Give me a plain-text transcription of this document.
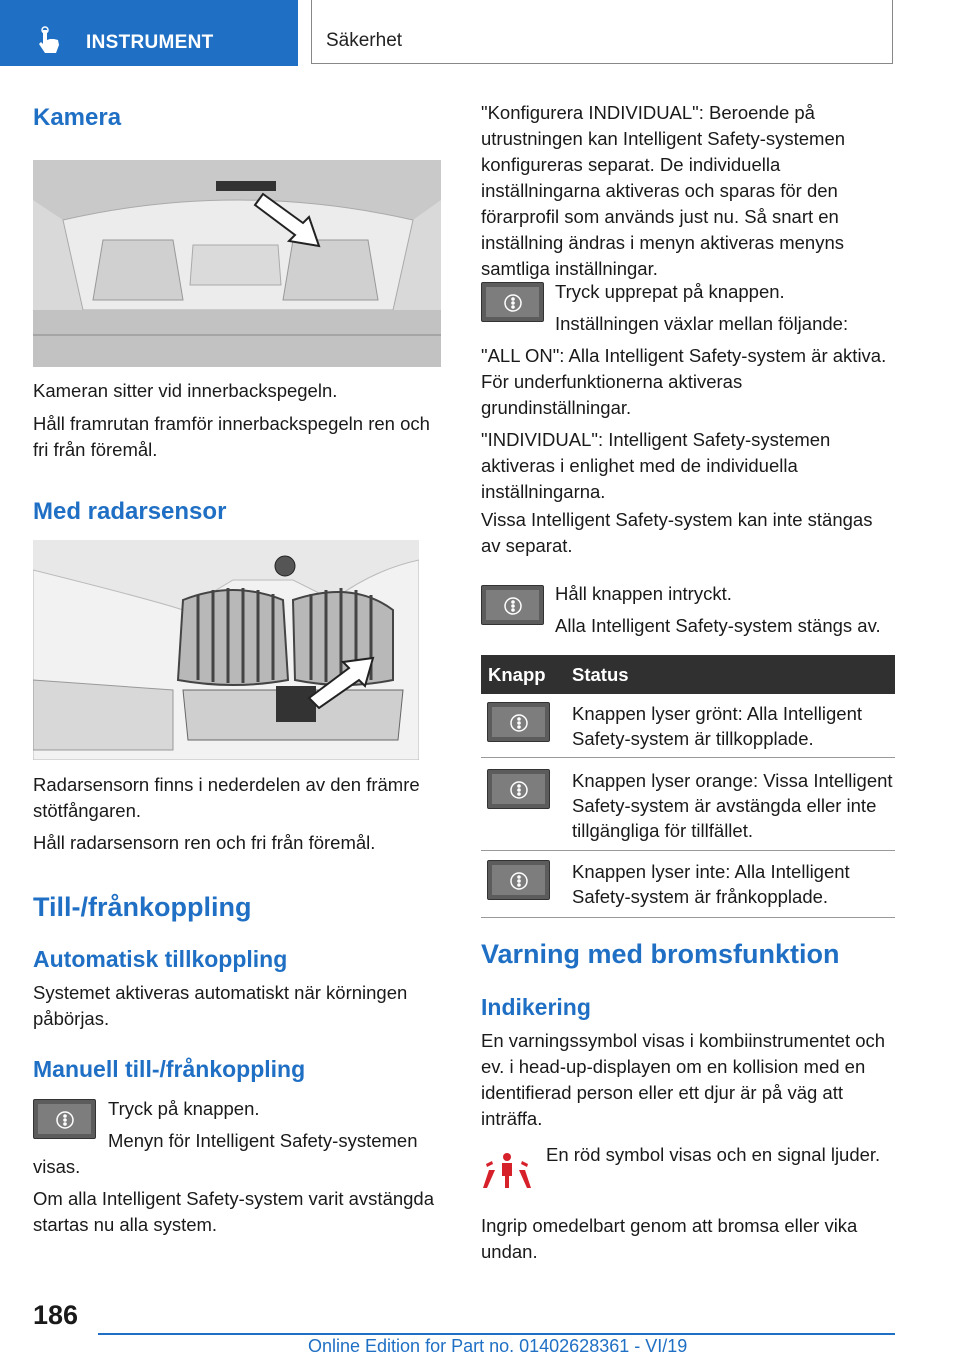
INSTRUMENT	Säkerhet
Kamera
Kameran sitter vid innerbackspegeln.
Håll framrutan framför innerbackspegeln ren och fri från föremål.
Med radarsensor
Radarsensorn finns i nederdelen av den främre stötfångaren.
Håll radarsensorn ren och fri från föremål.
Till-/frånkoppling
Automatisk tillkoppling
Systemet aktiveras automatiskt när körningen påbörjas.
Manuell till-/frånkoppling
Tryck på knappen.
Menyn för Intelligent Safety-systemen visas.
Om alla Intelligent Safety-system varit avstängda startas nu alla system.
"Konfigurera INDIVIDUAL": Beroende på utrustningen kan Intelligent Safety-systemen konfigureras separat. De individuella inställningarna aktiveras och sparas för den förarprofil som används just nu. Så snart en inställning ändras i menyn aktiveras menyns samtliga inställningar.
Tryck upprepat på knappen.
Inställningen växlar mellan följande:
"ALL ON": Alla Intelligent Safety-system är aktiva. För underfunktionerna aktiveras grundinställningar.
"INDIVIDUAL": Intelligent Safety-systemen aktiveras i enlighet med de individuella inställningarna.
Vissa Intelligent Safety-system kan inte stängas av separat.
Håll knappen intryckt.
Alla Intelligent Safety-system stängs av.
Knapp	Status

	Knappen lyser grönt: Alla Intelligent Safety-system är tillkopplade.

	Knappen lyser orange: Vissa Intelligent Safety-system är avstängda eller inte tillgängliga för tillfället.

	Knappen lyser inte: Alla Intelligent Safety-system är frånkopplade.
Varning med bromsfunktion
Indikering
En varningssymbol visas i kombiinstrumentet och ev. i head-up-displayen om en kollision med en identifierad person eller ett djur är på väg att inträffa.
En röd symbol visas och en signal ljuder.
Ingrip omedelbart genom att bromsa eller vika undan.
186
Online Edition for Part no. 01402628361 - VI/19
